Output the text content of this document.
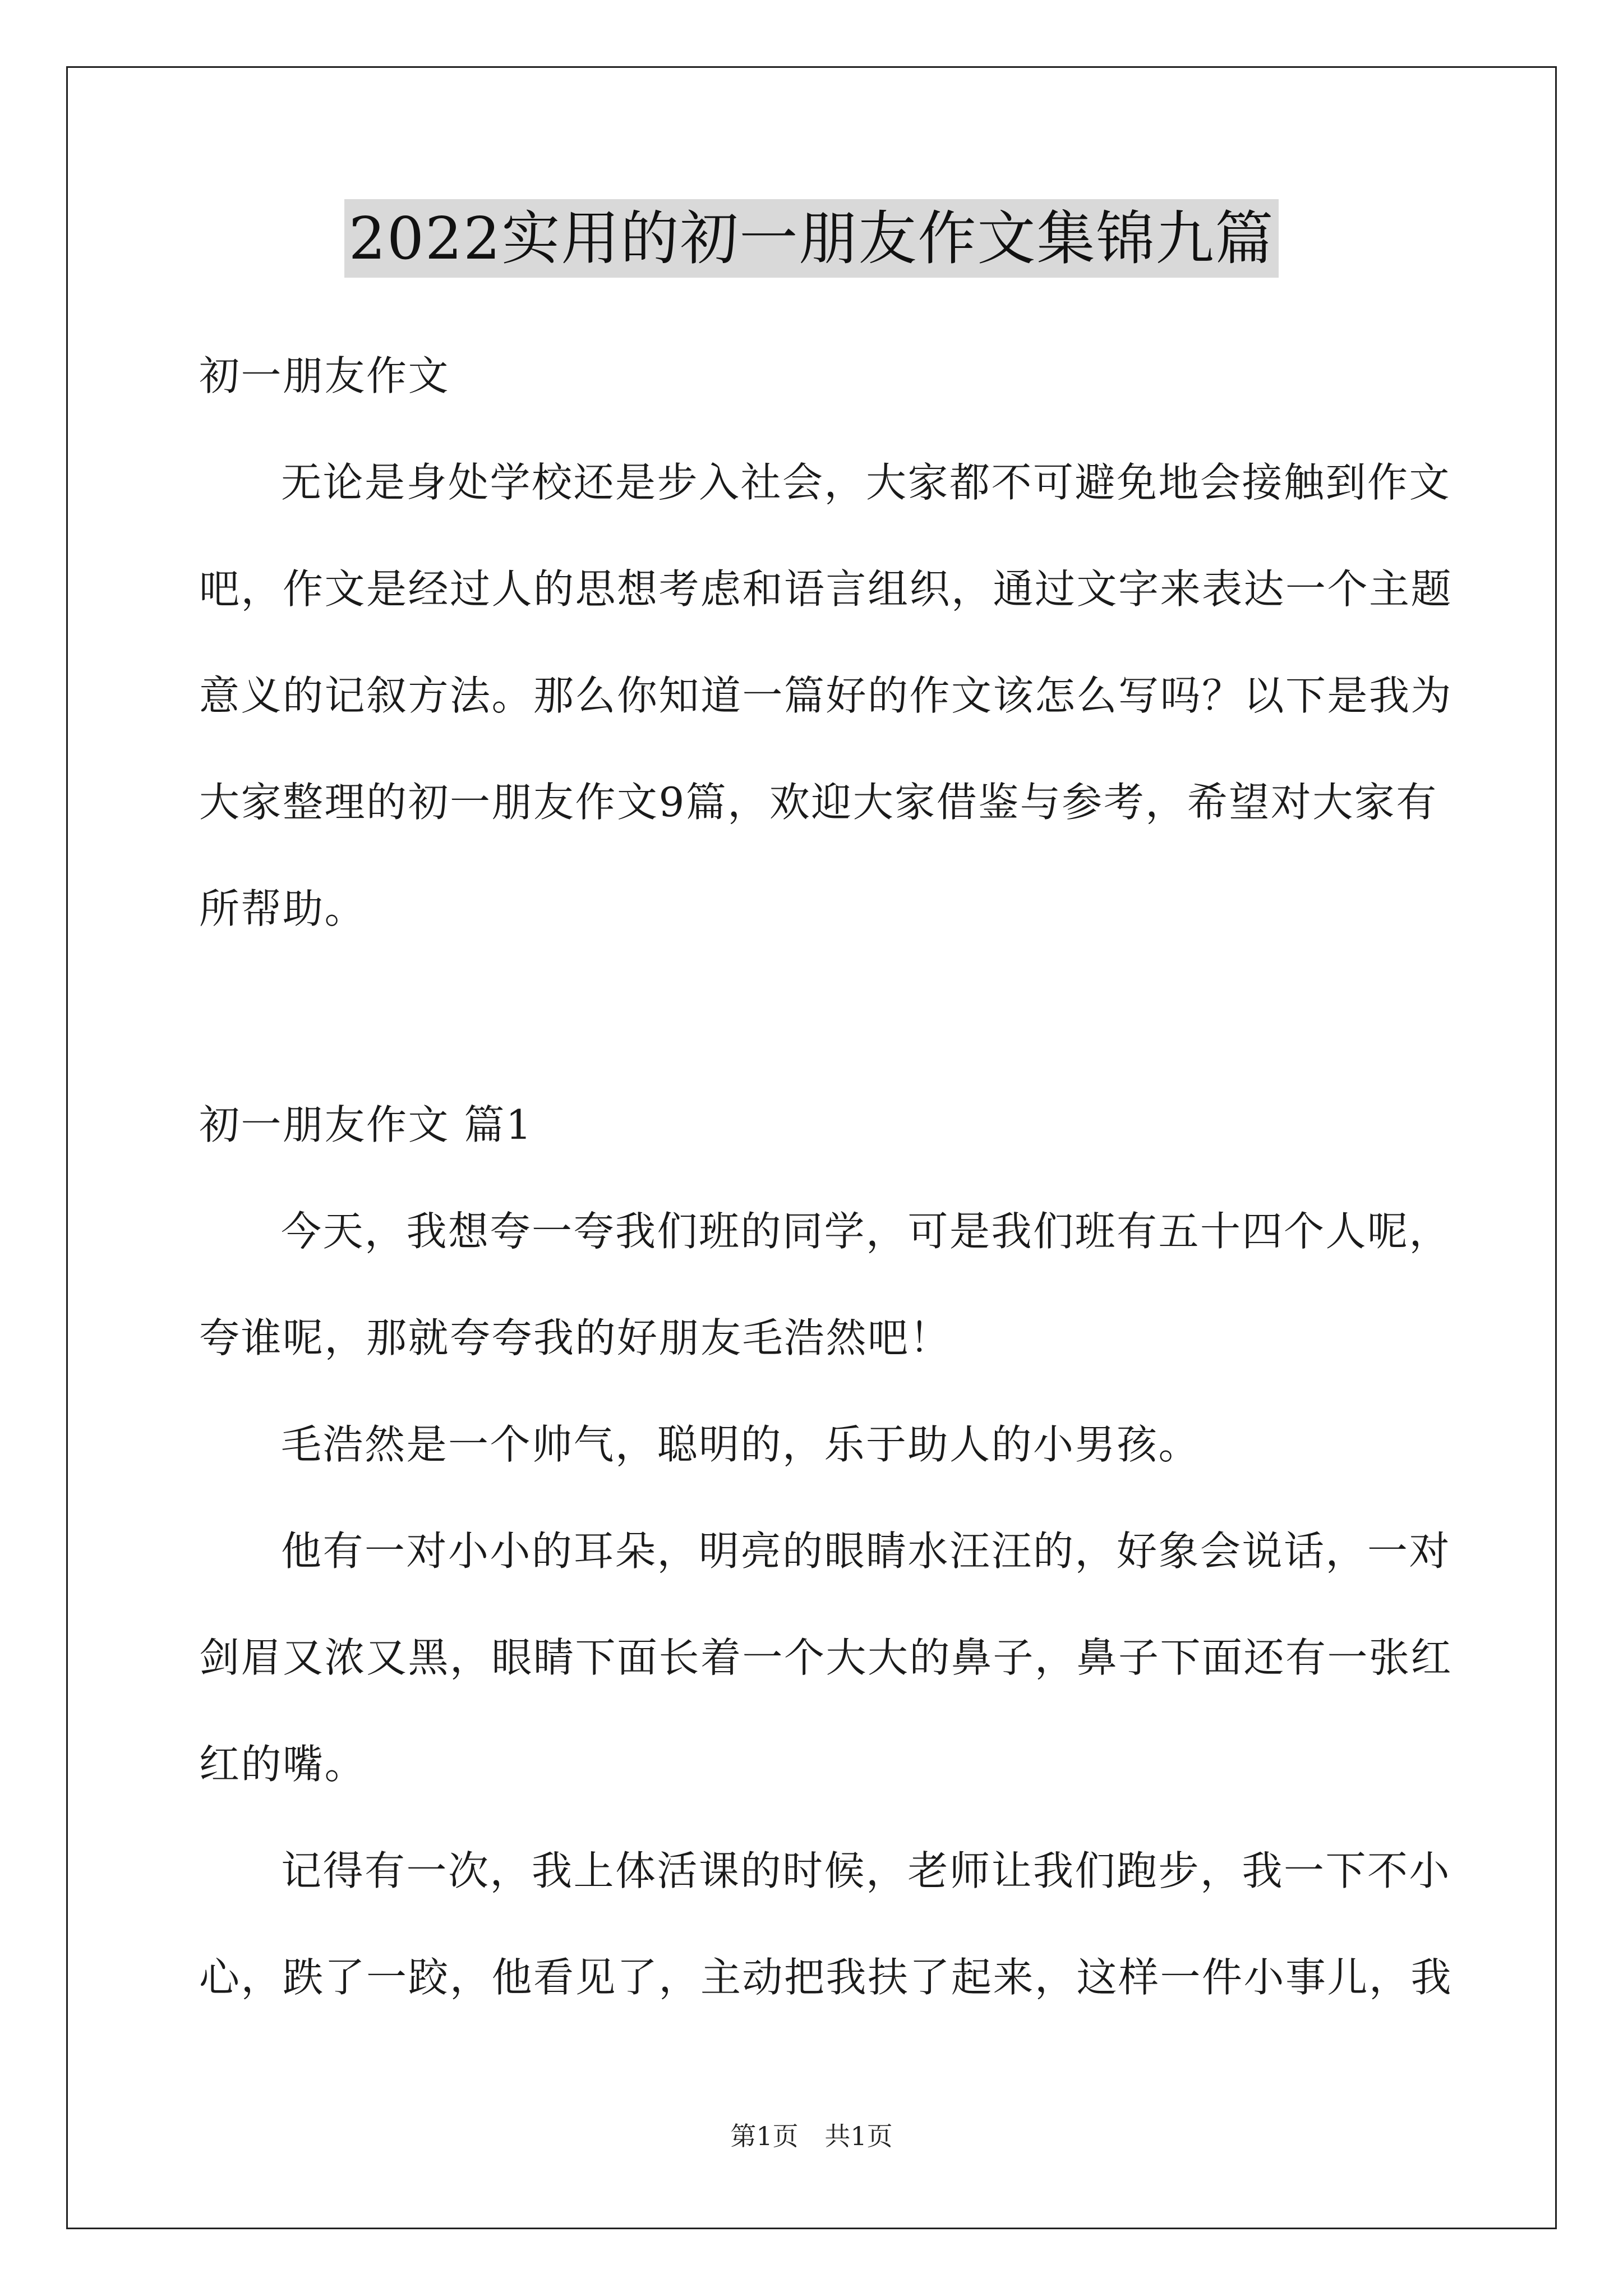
2022实用的初一朋友作文集锦九篇
初一朋友作文
无论是身处学校还是步入社会，大家都不可避免地会接触到作文
吧，作文是经过人的思想考虑和语言组织，通过文字来表达一个主题
意义的记叙方法。那么你知道一篇好的作文该怎么写吗？以下是我为
大家整理的初一朋友作文9篇，欢迎大家借鉴与参考，希望对大家有
所帮助。
初一朋友作文 篇1
今天，我想夸一夸我们班的同学，可是我们班有五十四个人呢，
夸谁呢，那就夸夸我的好朋友毛浩然吧！
毛浩然是一个帅气，聪明的，乐于助人的小男孩。
他有一对小小的耳朵，明亮的眼睛水汪汪的，好象会说话，一对
剑眉又浓又黑，眼睛下面长着一个大大的鼻子，鼻子下面还有一张红
红的嘴。
记得有一次，我上体活课的时候，老师让我们跑步，我一下不小
心，跌了一跤，他看见了，主动把我扶了起来，这样一件小事儿，我
第1页 共1页
